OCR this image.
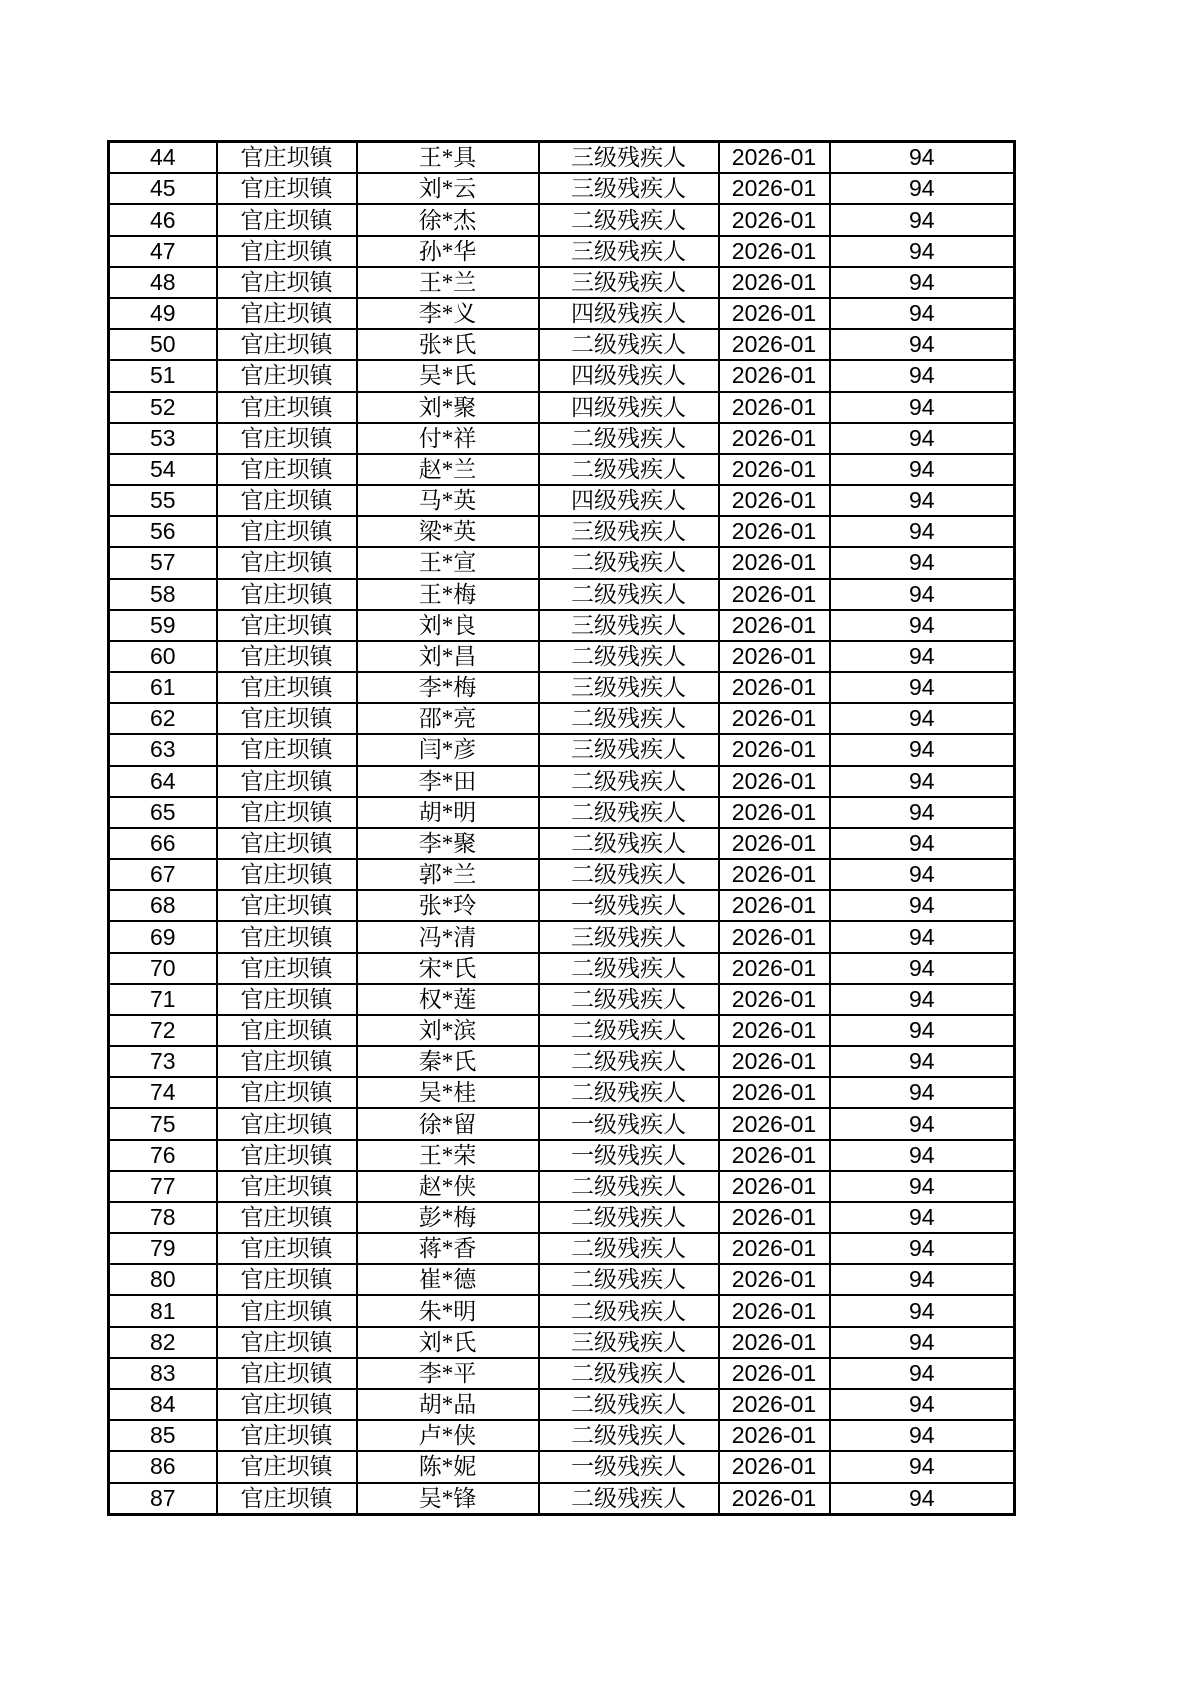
44	官庄坝镇	王*具	三级残疾人	2026-01	94
45	官庄坝镇	刘*云	三级残疾人	2026-01	94
46	官庄坝镇	徐*杰	二级残疾人	2026-01	94
47	官庄坝镇	孙*华	三级残疾人	2026-01	94
48	官庄坝镇	王*兰	三级残疾人	2026-01	94
49	官庄坝镇	李*义	四级残疾人	2026-01	94
50	官庄坝镇	张*氏	二级残疾人	2026-01	94
51	官庄坝镇	吴*氏	四级残疾人	2026-01	94
52	官庄坝镇	刘*聚	四级残疾人	2026-01	94
53	官庄坝镇	付*祥	二级残疾人	2026-01	94
54	官庄坝镇	赵*兰	二级残疾人	2026-01	94
55	官庄坝镇	马*英	四级残疾人	2026-01	94
56	官庄坝镇	梁*英	三级残疾人	2026-01	94
57	官庄坝镇	王*宣	二级残疾人	2026-01	94
58	官庄坝镇	王*梅	二级残疾人	2026-01	94
59	官庄坝镇	刘*良	三级残疾人	2026-01	94
60	官庄坝镇	刘*昌	二级残疾人	2026-01	94
61	官庄坝镇	李*梅	三级残疾人	2026-01	94
62	官庄坝镇	邵*亮	二级残疾人	2026-01	94
63	官庄坝镇	闫*彦	三级残疾人	2026-01	94
64	官庄坝镇	李*田	二级残疾人	2026-01	94
65	官庄坝镇	胡*明	二级残疾人	2026-01	94
66	官庄坝镇	李*聚	二级残疾人	2026-01	94
67	官庄坝镇	郭*兰	二级残疾人	2026-01	94
68	官庄坝镇	张*玲	一级残疾人	2026-01	94
69	官庄坝镇	冯*清	三级残疾人	2026-01	94
70	官庄坝镇	宋*氏	二级残疾人	2026-01	94
71	官庄坝镇	权*莲	二级残疾人	2026-01	94
72	官庄坝镇	刘*滨	二级残疾人	2026-01	94
73	官庄坝镇	秦*氏	二级残疾人	2026-01	94
74	官庄坝镇	吴*桂	二级残疾人	2026-01	94
75	官庄坝镇	徐*留	一级残疾人	2026-01	94
76	官庄坝镇	王*荣	一级残疾人	2026-01	94
77	官庄坝镇	赵*侠	二级残疾人	2026-01	94
78	官庄坝镇	彭*梅	二级残疾人	2026-01	94
79	官庄坝镇	蒋*香	二级残疾人	2026-01	94
80	官庄坝镇	崔*德	二级残疾人	2026-01	94
81	官庄坝镇	朱*明	二级残疾人	2026-01	94
82	官庄坝镇	刘*氏	三级残疾人	2026-01	94
83	官庄坝镇	李*平	二级残疾人	2026-01	94
84	官庄坝镇	胡*品	二级残疾人	2026-01	94
85	官庄坝镇	卢*侠	二级残疾人	2026-01	94
86	官庄坝镇	陈*妮	一级残疾人	2026-01	94
87	官庄坝镇	吴*锋	二级残疾人	2026-01	94
